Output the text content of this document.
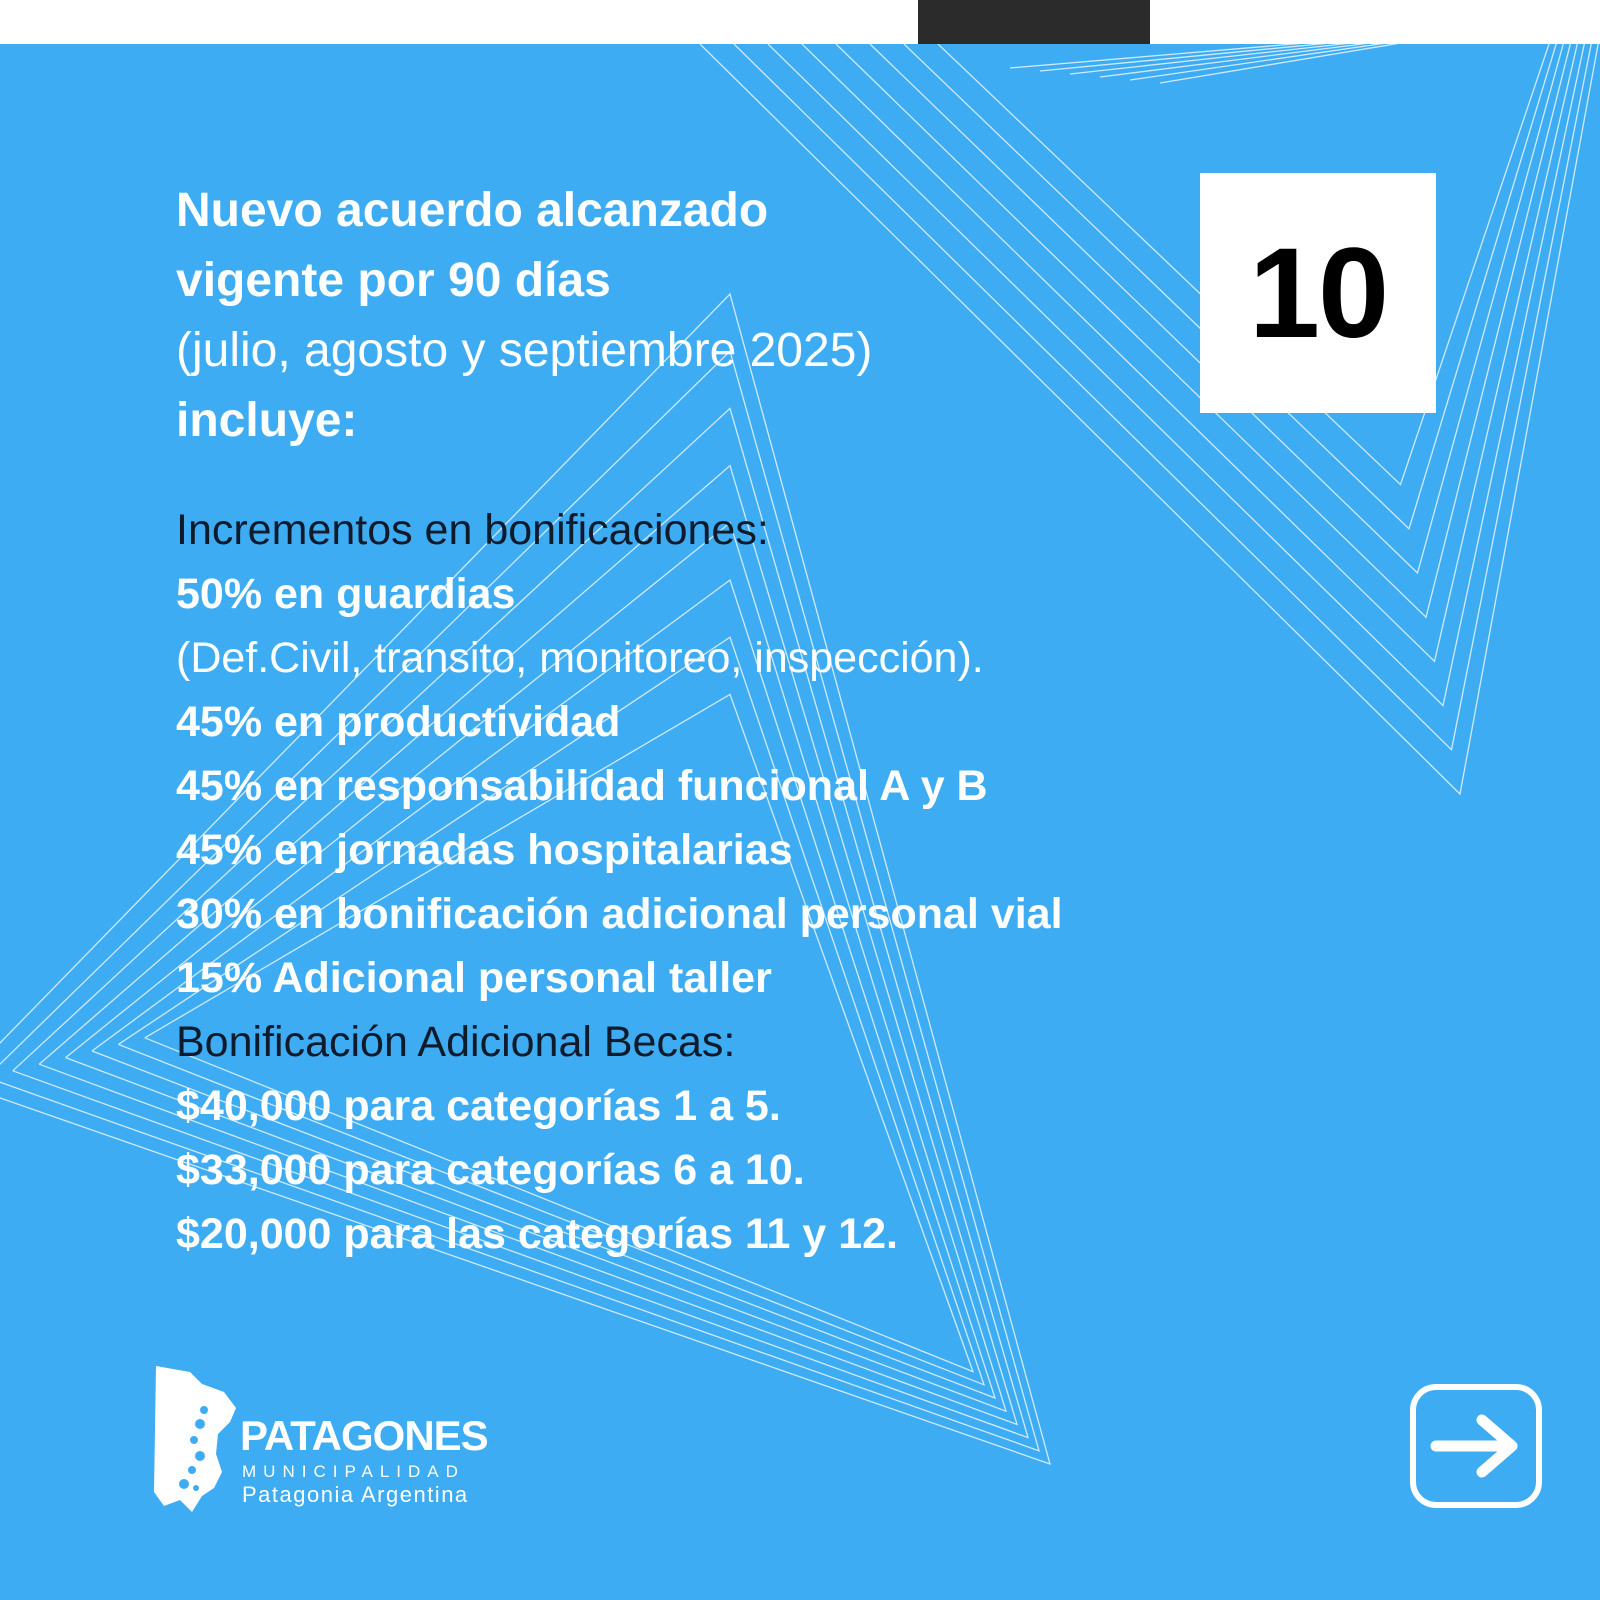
Nuevo acuerdo alcanzado

vigente por 90 días

(julio, agosto y septiembre 2025)

incluye:

Incrementos en bonificaciones:
50% en guardias
(Def.Civil, transito, monitoreo, inspección).
45% en productividad
45% en responsabilidad funcional A y B
45% en jornadas hospitalarias
30% en bonificación adicional personal vial
15% Adicional personal taller
Bonificación Adicional Becas:
$40,000 para categorías 1 a 5.
$33,000 para categorías 6 a 10.
$20,000 para las categorías 11 y 12.
10
PATAGONES
MUNICIPALIDAD
Patagonia Argentina
